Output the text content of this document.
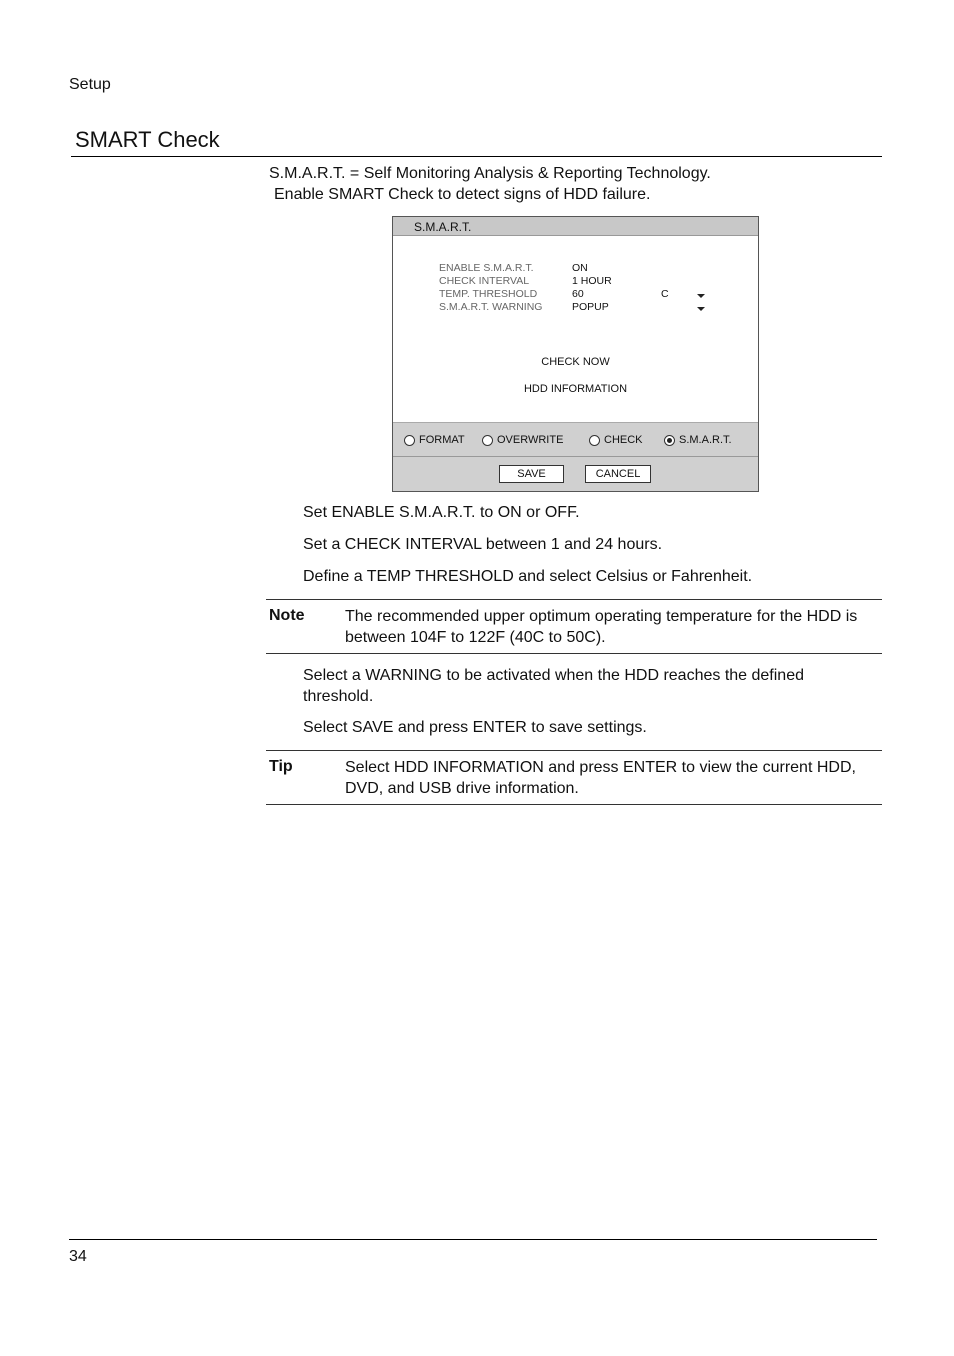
Setup
SMART Check
S.M.A.R.T. = Self Monitoring Analysis & Reporting Technology.
Enable SMART Check to detect signs of HDD failure.
S.M.A.R.T.
ENABLE S.M.A.R.T.	ON
CHECK INTERVAL	1 HOUR
TEMP. THRESHOLD	60	C
S.M.A.R.T. WARNING	POPUP
CHECK NOW
HDD INFORMATION
FORMAT	OVERWRITE	CHECK	S.M.A.R.T.
SAVE	CANCEL
Set ENABLE S.M.A.R.T. to ON or OFF.
Set a CHECK INTERVAL between 1 and 24 hours.
Define a TEMP THRESHOLD and select Celsius or Fahrenheit.
Note	The recommended upper optimum operating temperature for the HDD is between 104F to 122F (40C to 50C).
Select a WARNING to be activated when the HDD reaches the defined threshold.
Select SAVE and press ENTER to save settings.
Tip	Select HDD INFORMATION and press ENTER to view the current HDD, DVD, and USB drive information.
34
